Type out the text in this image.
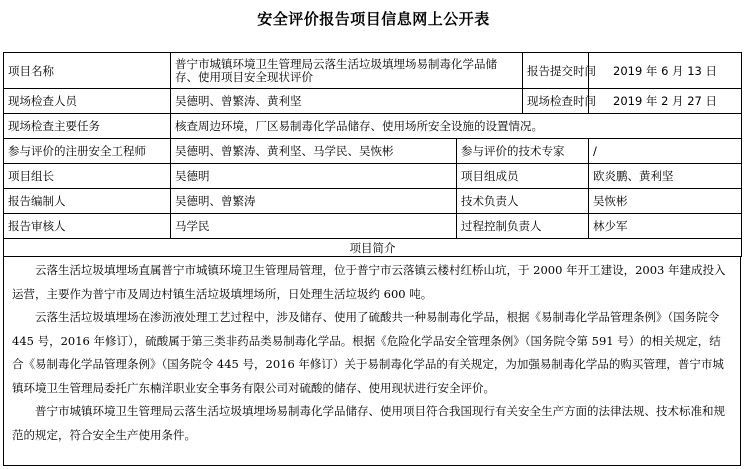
安全评价报告项目信息网上公开表
项目名称	普宁市城镇环境卫生管理局云落生活垃圾填埋场易制毒化学品储存、使用项目安全现状评价		报告提交时间	2019 年 6 月 13 日
现场检查人员	吴德明、曾繁涛、黄利坚		现场检查时间	2019 年 2 月 27 日
现场检查主要任务	核查周边环境，厂区易制毒化学品储存、使用场所安全设施的设置情况。			
参与评价的注册安全工程师	吴德明、曾繁涛、黄利坚、马学民、吴恢彬	参与评价的技术专家		/
项目组长	吴德明	项目组成员		欧炎鹏、黄利坚
报告编制人	吴德明、曾繁涛	技术负责人		吴恢彬
报告审核人	马学民	过程控制负责人		林少军
项目简介				

云落生活垃圾填埋场直属普宁市城镇环境卫生管理局管理，位于普宁市云落镇云楼村红桥山坑，于 2000 年开工建设，2003 年建成投入运营，主要作为普宁市及周边村镇生活垃圾填埋场所，日处理生活垃圾约 600 吨。

云落生活垃圾填埋场在渗沥液处理工艺过程中，涉及储存、使用了硫酸共一种易制毒化学品，根据《易制毒化学品管理条例》（国务院令 445 号，2016 年修订），硫酸属于第三类非药品类易制毒化学品。根据《危险化学品安全管理条例》（国务院令第 591 号）的相关规定，结合《易制毒化学品管理条例》（国务院令 445 号，2016 年修订）关于易制毒化学品的有关规定，为加强易制毒化学品的购买管理，普宁市城镇环境卫生管理局委托广东楠洋职业安全事务有限公司对硫酸的储存、使用现状进行安全评价。

普宁市城镇环境卫生管理局云落生活垃圾填埋场易制毒化学品储存、使用项目符合我国现行有关安全生产方面的法律法规、技术标准和规范的规定，符合安全生产使用条件。
